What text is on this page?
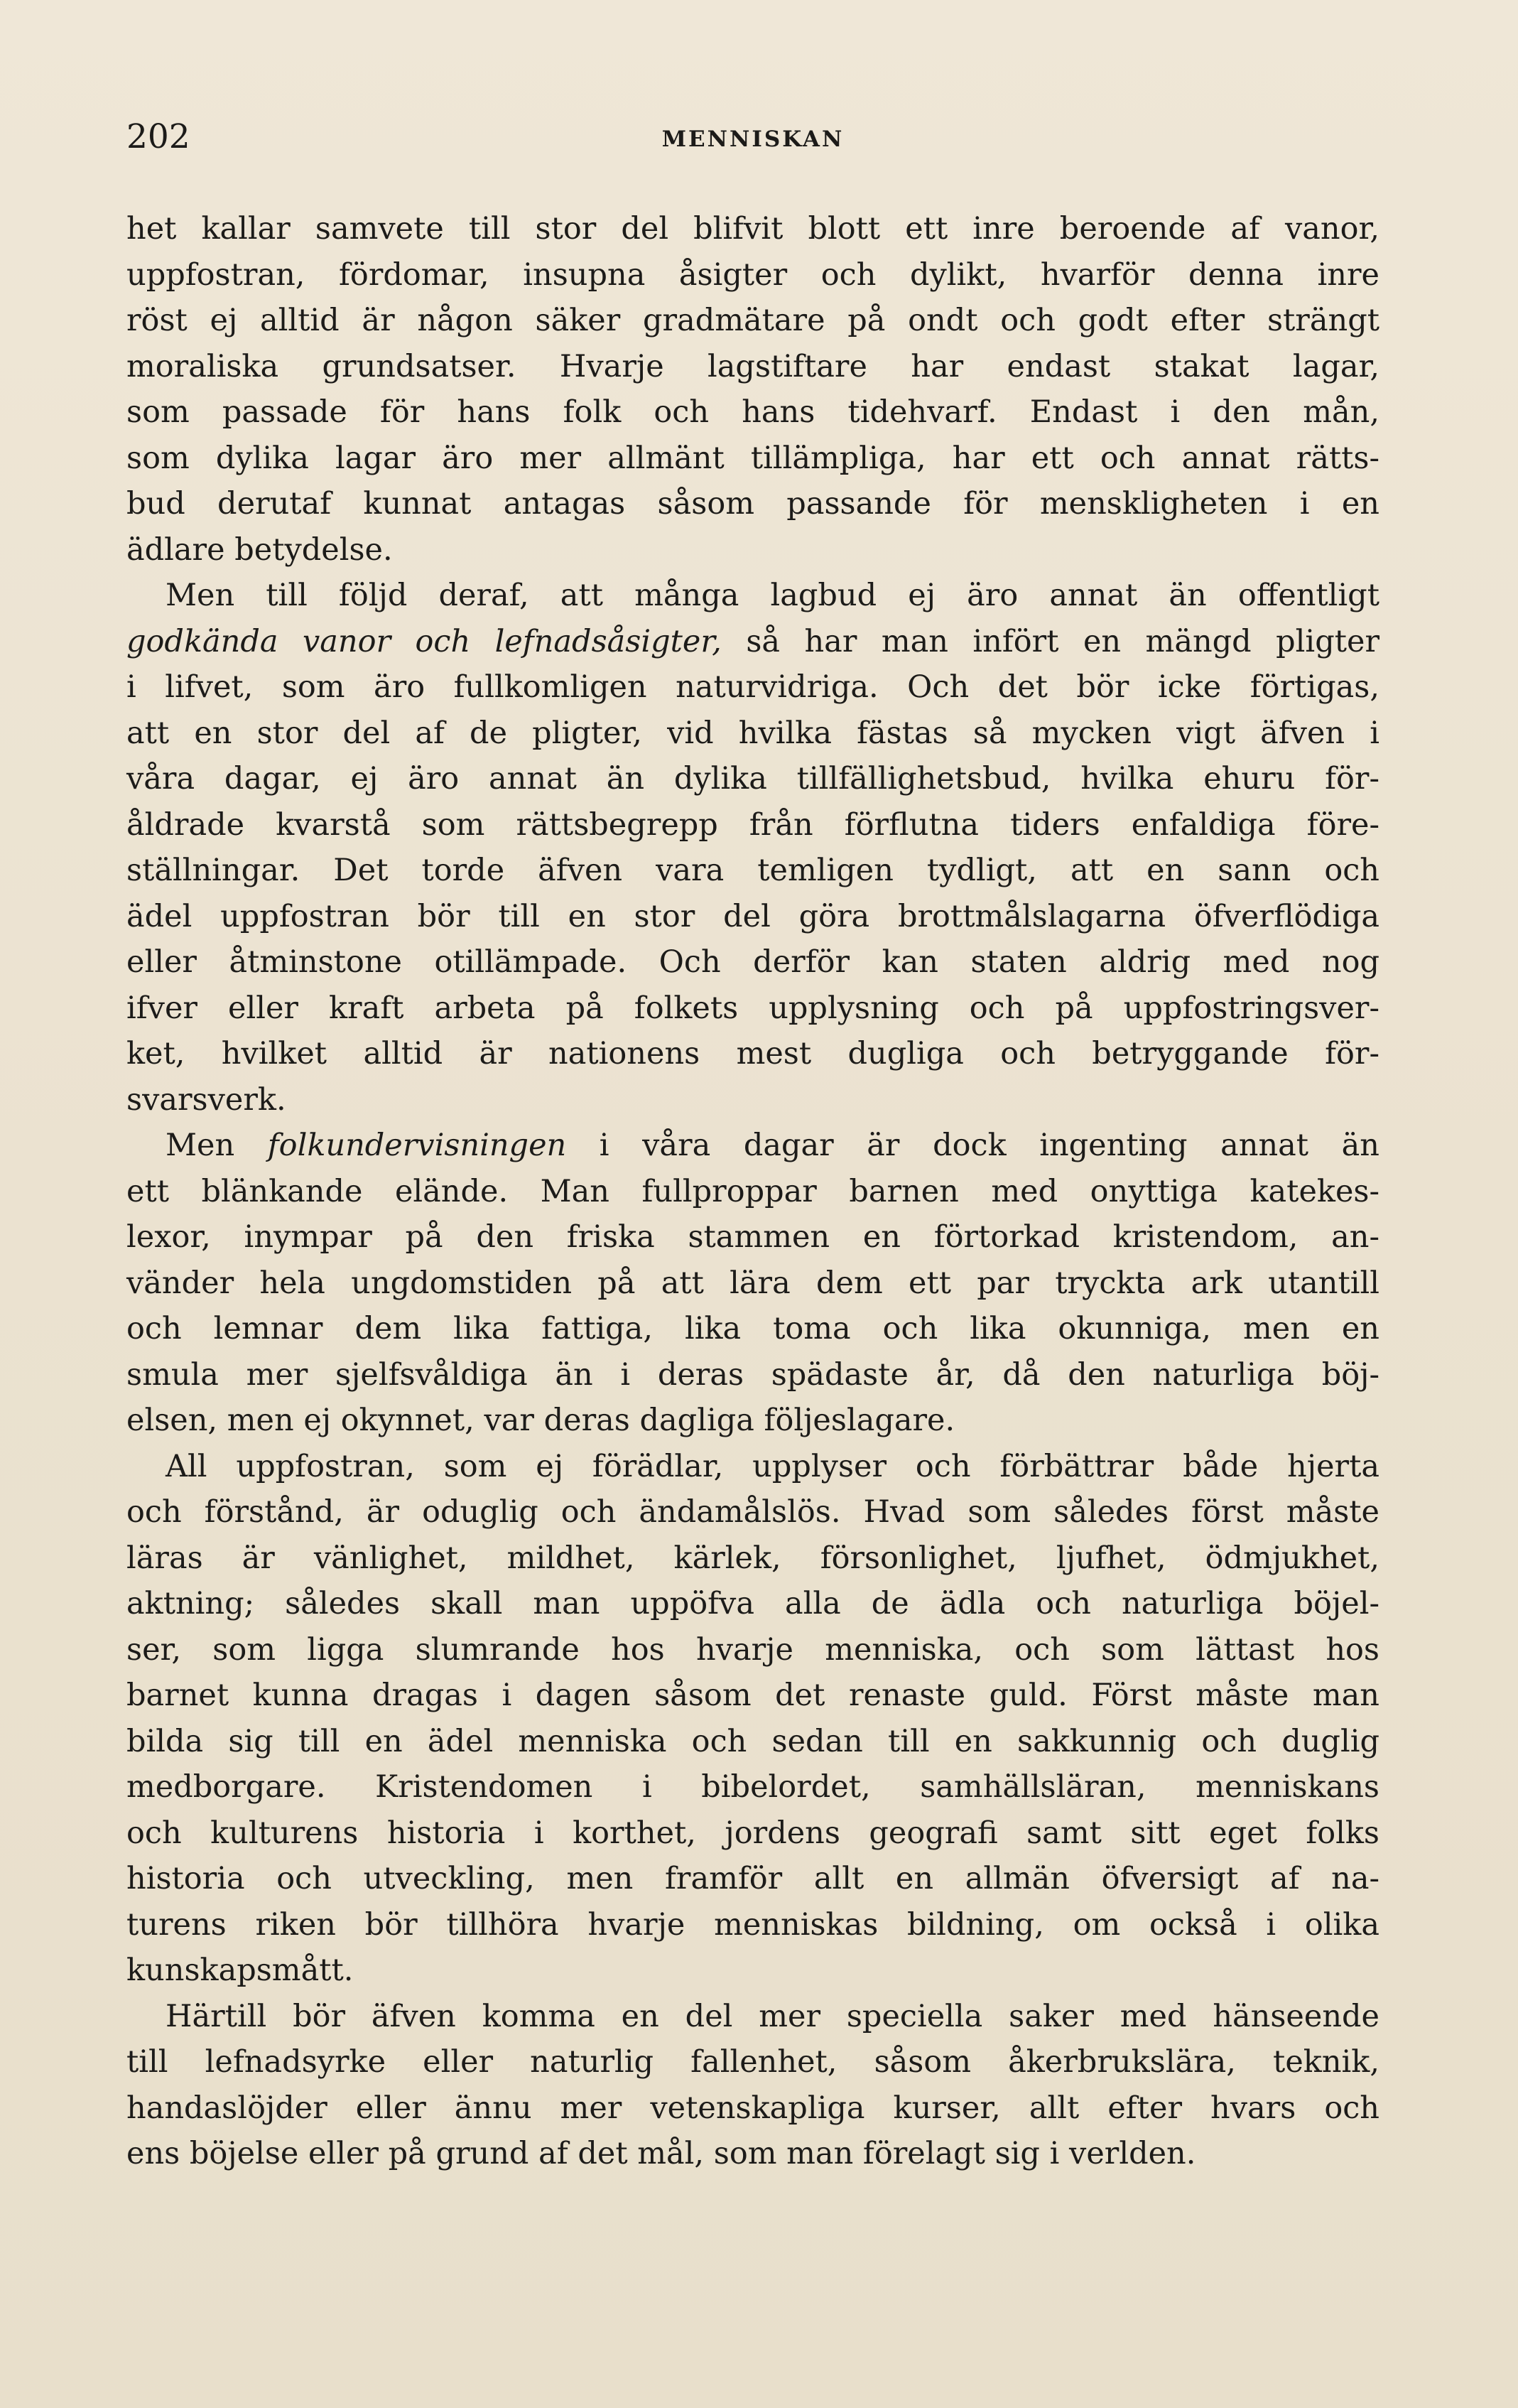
202	MENNISKAN
het kallar samvete till stor del blifvit blott ett inre beroende af vanor,
uppfostran, fördomar, insupna åsigter och dylikt, hvarför denna inre
röst ej alltid är någon säker gradmätare på ondt och godt efter strängt
moraliska grundsatser. Hvarje lagstiftare har endast stakat lagar,
som passade för hans folk och hans tidehvarf. Endast i den mån,
som dylika lagar äro mer allmänt tillämpliga, har ett och annat rätts-
bud derutaf kunnat antagas såsom passande för menskligheten i en
ädlare betydelse.
Men till följd deraf, att många lagbud ej äro annat än offentligt
godkända vanor och lefnadsåsigter, så har man infört en mängd pligter
i lifvet, som äro fullkomligen naturvidriga. Och det bör icke förtigas,
att en stor del af de pligter, vid hvilka fästas så mycken vigt äfven i
våra dagar, ej äro annat än dylika tillfällighetsbud, hvilka ehuru för-
åldrade kvarstå som rättsbegrepp från förflutna tiders enfaldiga före-
ställningar. Det torde äfven vara temligen tydligt, att en sann och
ädel uppfostran bör till en stor del göra brottmålslagarna öfverflödiga
eller åtminstone otillämpade. Och derför kan staten aldrig med nog
ifver eller kraft arbeta på folkets upplysning och på uppfostringsver-
ket, hvilket alltid är nationens mest dugliga och betryggande för-
svarsverk.
Men folkundervisningen i våra dagar är dock ingenting annat än
ett blänkande elände. Man fullproppar barnen med onyttiga katekes-
lexor, inympar på den friska stammen en förtorkad kristendom, an-
vänder hela ungdomstiden på att lära dem ett par tryckta ark utantill
och lemnar dem lika fattiga, lika toma och lika okunniga, men en
smula mer sjelfsvåldiga än i deras spädaste år, då den naturliga böj-
elsen, men ej okynnet, var deras dagliga följeslagare.
All uppfostran, som ej förädlar, upplyser och förbättrar både hjerta
och förstånd, är oduglig och ändamålslös. Hvad som således först måste
läras är vänlighet, mildhet, kärlek, försonlighet, ljufhet, ödmjukhet,
aktning; således skall man uppöfva alla de ädla och naturliga böjel-
ser, som ligga slumrande hos hvarje menniska, och som lättast hos
barnet kunna dragas i dagen såsom det renaste guld. Först måste man
bilda sig till en ädel menniska och sedan till en sakkunnig och duglig
medborgare. Kristendomen i bibelordet, samhällsläran, menniskans
och kulturens historia i korthet, jordens geografi samt sitt eget folks
historia och utveckling, men framför allt en allmän öfversigt af na-
turens riken bör tillhöra hvarje menniskas bildning, om också i olika
kunskapsmått.
Härtill bör äfven komma en del mer speciella saker med hänseende
till lefnadsyrke eller naturlig fallenhet, såsom åkerbrukslära, teknik,
handaslöjder eller ännu mer vetenskapliga kurser, allt efter hvars och
ens böjelse eller på grund af det mål, som man förelagt sig i verlden.
